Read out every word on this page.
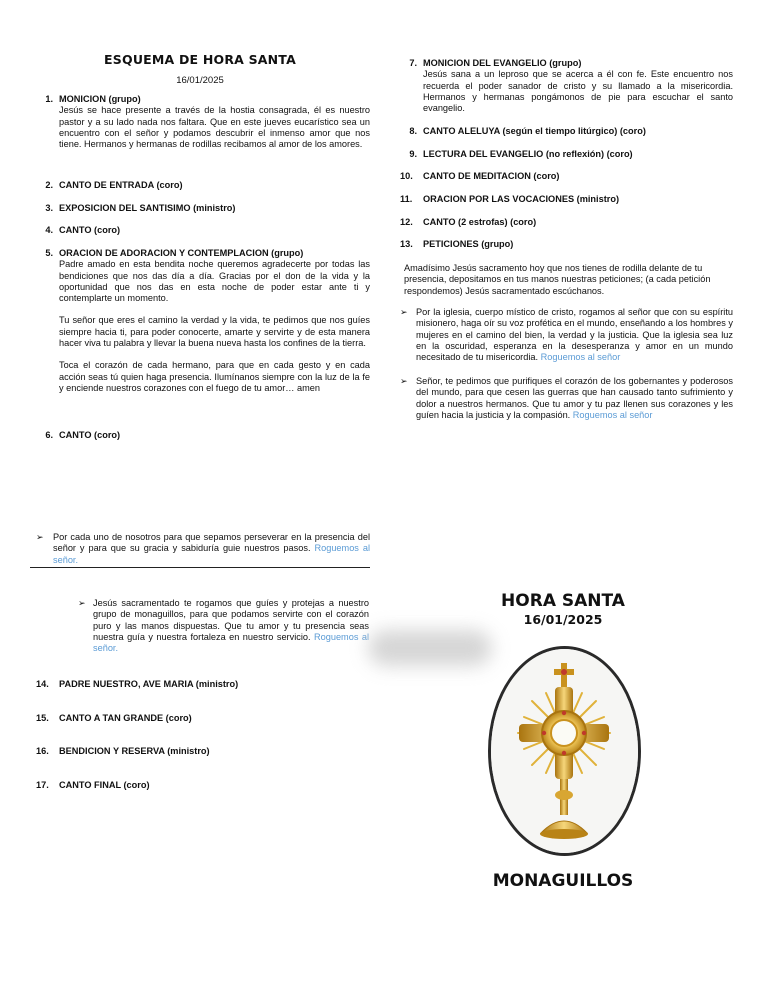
ESQUEMA DE HORA SANTA
16/01/2025
1. MONICION (grupo)
Jesús se hace presente a través de la hostia consagrada, él es nuestro pastor y a su lado nada nos faltara. Que en este jueves eucarístico sea un encuentro con el señor y podamos descubrir el inmenso amor que nos tiene. Hermanos y hermanas de rodillas recibamos al amor de los amores.
2. CANTO DE ENTRADA (coro)
3. EXPOSICION DEL SANTISIMO (ministro)
4. CANTO (coro)
5. ORACION DE ADORACION Y CONTEMPLACION (grupo)
Padre amado en esta bendita noche queremos agradecerte por todas las bendiciones que nos das día a día. Gracias por el don de la vida y la oportunidad que nos das en esta noche de poder estar ante ti y contemplarte un momento.
Tu señor que eres el camino la verdad y la vida, te pedimos que nos guíes siempre hacia ti, para poder conocerte, amarte y servirte y de esta manera hacer viva tu palabra y llevar la buena nueva hasta los confines de la tierra.
Toca el corazón de cada hermano, para que en cada gesto y en cada acción seas tú quien haga presencia. Ilumínanos siempre con la luz de la fe y enciende nuestros corazones con el fuego de tu amor… amen
6. CANTO (coro)
➢ Por cada uno de nosotros para que sepamos perseverar en la presencia del señor y para que su gracia y sabiduría guie nuestros pasos. Roguemos al señor.
7. MONICION DEL EVANGELIO (grupo)
Jesús sana a un leproso que se acerca a él con fe. Este encuentro nos recuerda el poder sanador de cristo y su llamado a la misericordia. Hermanos y hermanas pongámonos de pie para escuchar el santo evangelio.
8. CANTO ALELUYA (según el tiempo litúrgico) (coro)
9. LECTURA DEL EVANGELIO (no reflexión) (coro)
10.	CANTO DE MEDITACION (coro)
11.	ORACION POR LAS VOCACIONES (ministro)
12.	CANTO (2 estrofas) (coro)
13.	PETICIONES (grupo)
Amadísimo Jesús sacramento hoy que nos tienes de rodilla delante de tu presencia, depositamos en tus manos nuestras peticiones; (a cada petición respondemos) Jesús sacramentado escúchanos.
➢ Por la iglesia, cuerpo místico de cristo, rogamos al señor que con su espíritu misionero, haga oír su voz profética en el mundo, enseñando a los hombres y mujeres en el camino del bien, la verdad y la justicia. Que la iglesia sea luz en la oscuridad, esperanza en la desesperanza y amor en un mundo necesitado de tu misericordia. Roguemos al señor
➢ Señor, te pedimos que purifiques el corazón de los gobernantes y poderosos del mundo, para que cesen las guerras que han causado tanto sufrimiento y dolor a nuestros hermanos. Que tu amor y tu paz llenen sus corazones y les guíen hacia la justicia y la compasión. Roguemos al señor
➢ Jesús sacramentado te rogamos que guíes y protejas a nuestro grupo de monaguillos, para que podamos servirte con el corazón puro y las manos dispuestas. Que tu amor y tu presencia seas nuestra guía y nuestra fortaleza en nuestro servicio. Roguemos al señor.
14.	PADRE NUESTRO, AVE MARIA (ministro)
15.	CANTO A TAN GRANDE (coro)
16.	BENDICION Y RESERVA (ministro)
17.	CANTO FINAL (coro)
HORA SANTA
16/01/2025
MONAGUILLOS
